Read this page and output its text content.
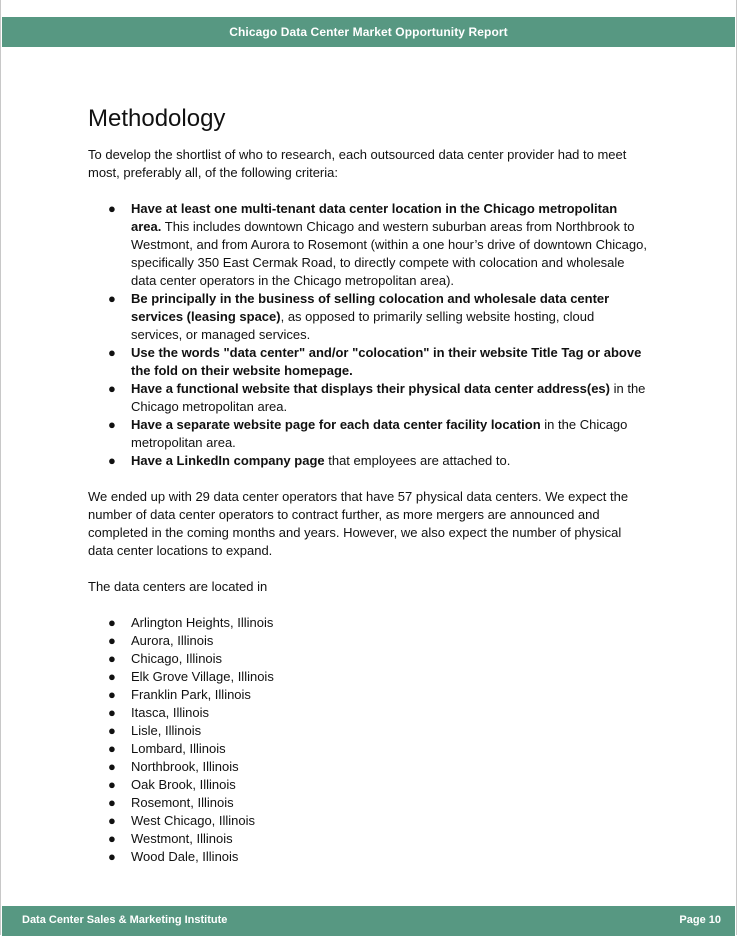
Chicago Data Center Market Opportunity Report
Methodology

To develop the shortlist of who to research, each outsourced data center provider had to meet most, preferably all, of the following criteria:

● Have at least one multi-tenant data center location in the Chicago metropolitan area. This includes downtown Chicago and western suburban areas from Northbrook to Westmont, and from Aurora to Rosemont (within a one hour’s drive of downtown Chicago, specifically 350 East Cermak Road, to directly compete with colocation and wholesale data center operators in the Chicago metropolitan area).
● Be principally in the business of selling colocation and wholesale data center services (leasing space), as opposed to primarily selling website hosting, cloud services, or managed services.
● Use the words "data center" and/or "colocation" in their website Title Tag or above the fold on their website homepage.
● Have a functional website that displays their physical data center address(es) in the Chicago metropolitan area.
● Have a separate website page for each data center facility location in the Chicago metropolitan area.
● Have a LinkedIn company page that employees are attached to.

We ended up with 29 data center operators that have 57 physical data centers. We expect the number of data center operators to contract further, as more mergers are announced and completed in the coming months and years. However, we also expect the number of physical data center locations to expand.

The data centers are located in

● Arlington Heights, Illinois
● Aurora, Illinois
● Chicago, Illinois
● Elk Grove Village, Illinois
● Franklin Park, Illinois
● Itasca, Illinois
● Lisle, Illinois
● Lombard, Illinois
● Northbrook, Illinois
● Oak Brook, Illinois
● Rosemont, Illinois
● West Chicago, Illinois
● Westmont, Illinois
● Wood Dale, Illinois
Data Center Sales & Marketing Institute	Page 10
